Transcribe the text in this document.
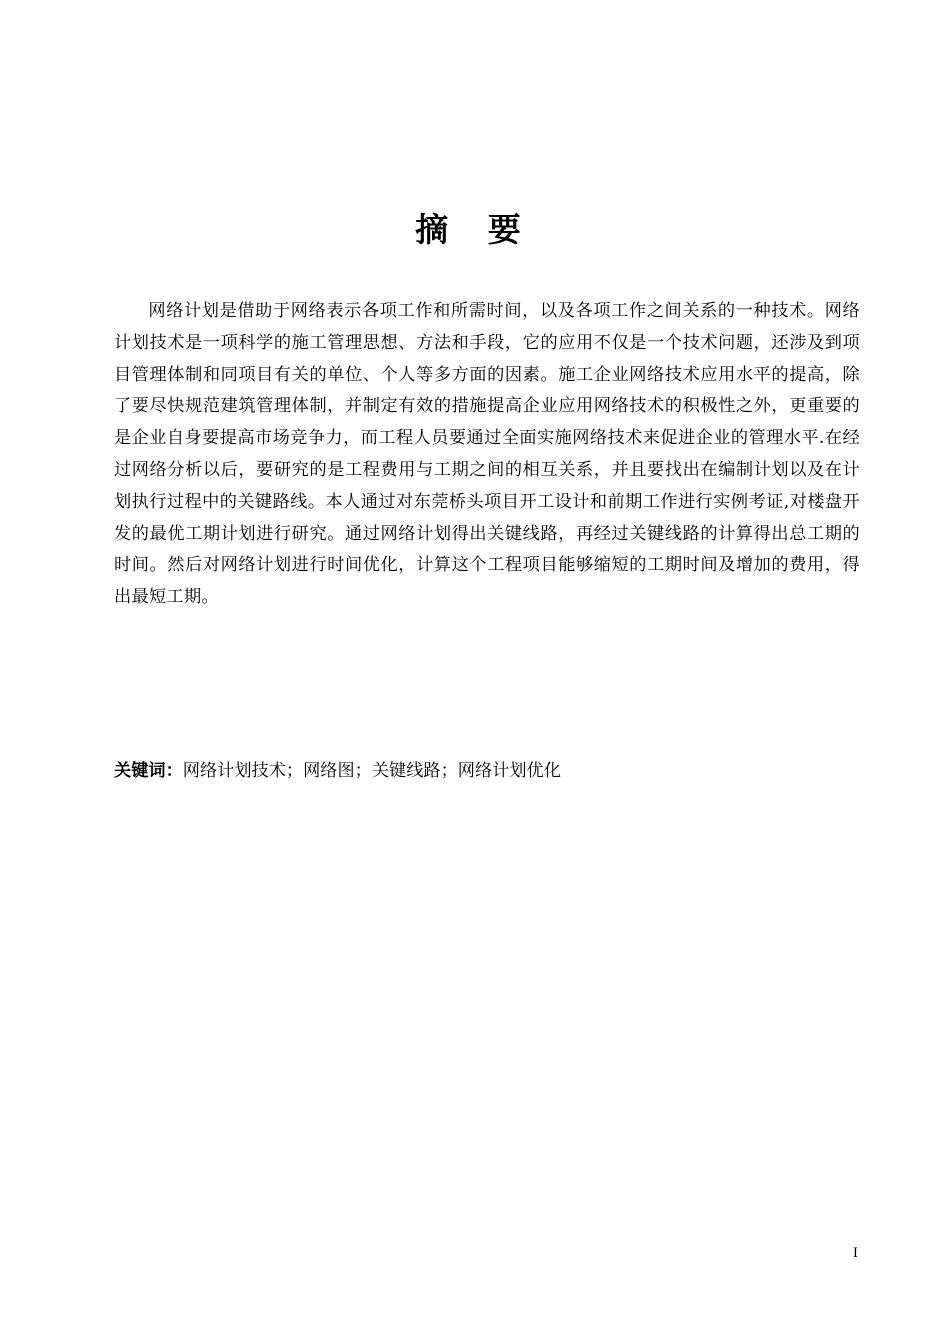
摘 要

网络计划是借助于网络表示各项工作和所需时间，以及各项工作之间关系的一种技术。网络计划技术是一项科学的施工管理思想、方法和手段，它的应用不仅是一个技术问题，还涉及到项目管理体制和同项目有关的单位、个人等多方面的因素。施工企业网络技术应用水平的提高，除了要尽快规范建筑管理体制，并制定有效的措施提高企业应用网络技术的积极性之外，更重要的是企业自身要提高市场竞争力，而工程人员要通过全面实施网络技术来促进企业的管理水平.在经过网络分析以后，要研究的是工程费用与工期之间的相互关系，并且要找出在编制计划以及在计划执行过程中的关键路线。本人通过对东莞桥头项目开工设计和前期工作进行实例考证,对楼盘开发的最优工期计划进行研究。通过网络计划得出关键线路，再经过关键线路的计算得出总工期的时间。然后对网络计划进行时间优化，计算这个工程项目能够缩短的工期时间及增加的费用，得出最短工期。

关键词：网络计划技术；网络图；关键线路；网络计划优化

I
